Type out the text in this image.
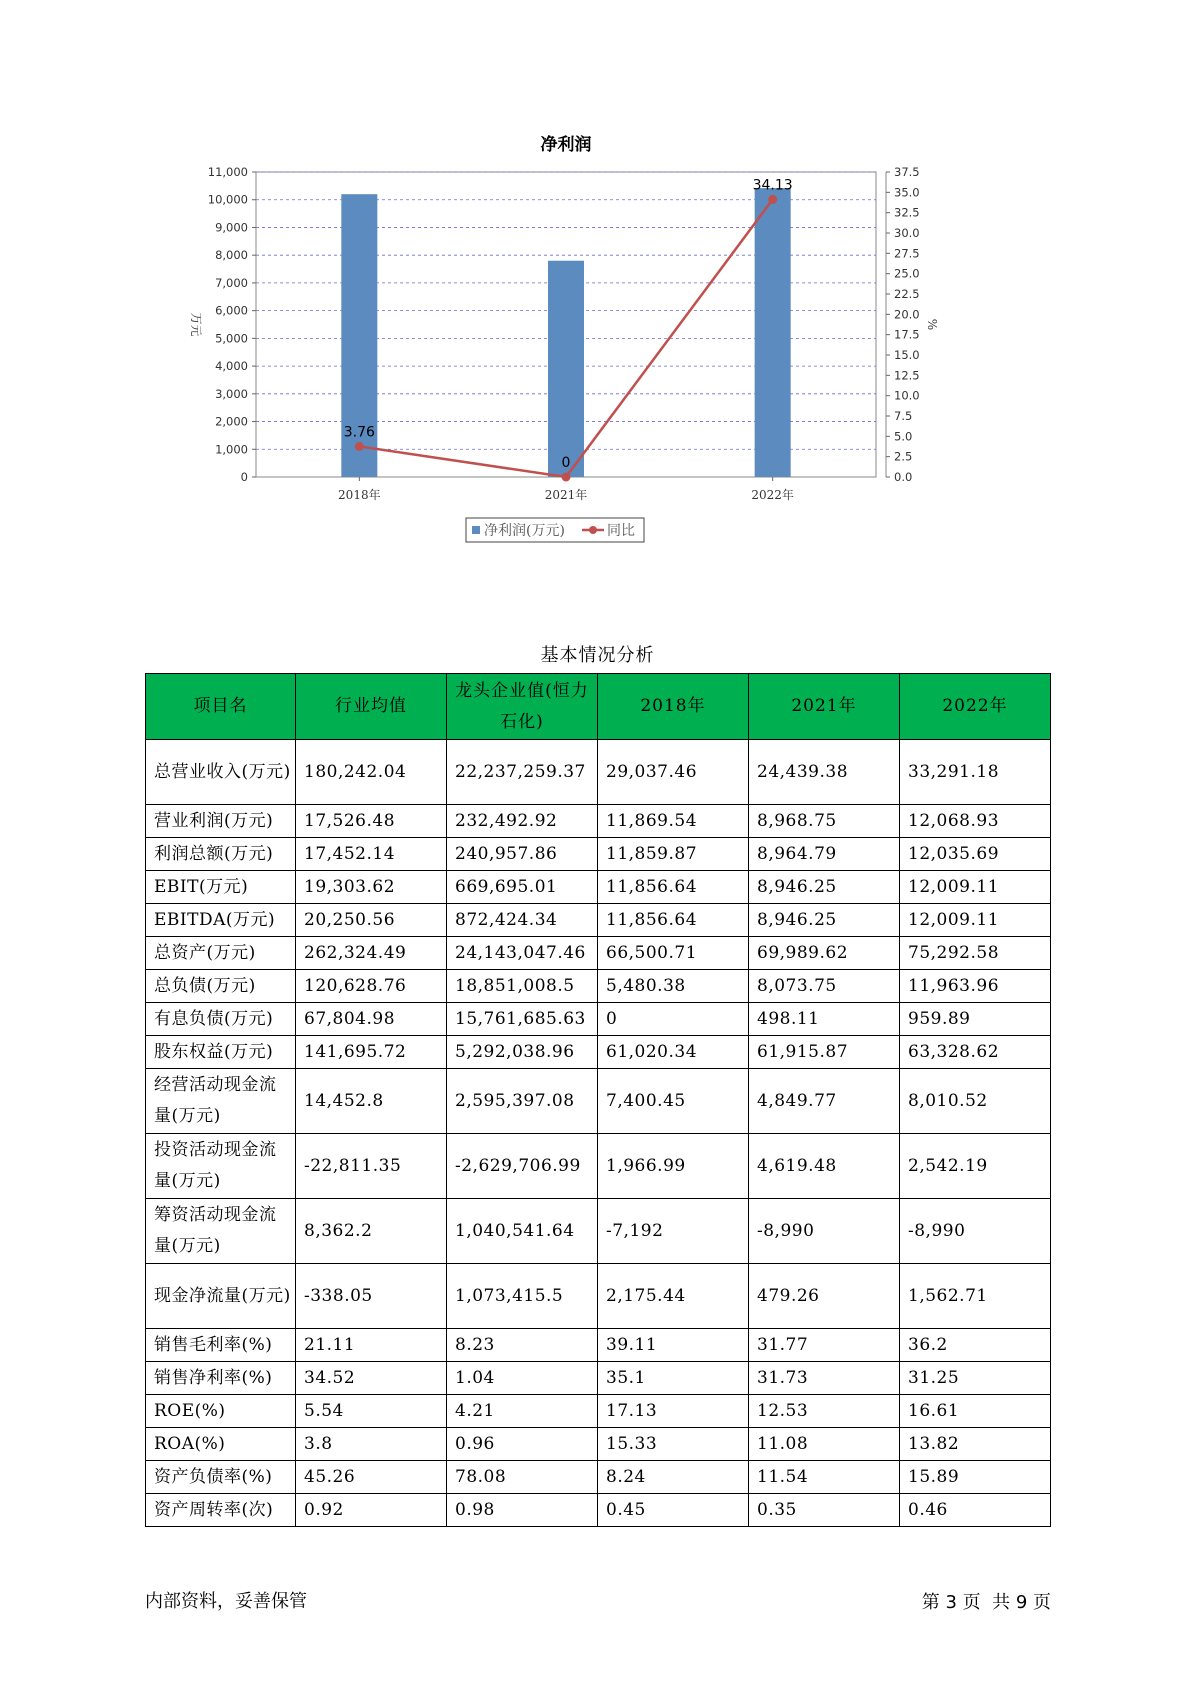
净利润
0
1,000
2,000
3,000
4,000
5,000
6,000
7,000
8,000
9,000
10,000
11,000
0.0
2.5
5.0
7.5
10.0
12.5
15.0
17.5
20.0
22.5
25.0
27.5
30.0
32.5
35.0
37.5
万元	%
2018年	2021年	2022年
3.76
0
34.13
净利润(万元)	同比
基本情况分析
项目名	行业均值	龙头企业值(恒力石化)	2018年	2021年	2022年
总营业收入(万元)	180,242.04	22,237,259.37	29,037.46	24,439.38	33,291.18
营业利润(万元)	17,526.48	232,492.92	11,869.54	8,968.75	12,068.93
利润总额(万元)	17,452.14	240,957.86	11,859.87	8,964.79	12,035.69
EBIT(万元)	19,303.62	669,695.01	11,856.64	8,946.25	12,009.11
EBITDA(万元)	20,250.56	872,424.34	11,856.64	8,946.25	12,009.11
总资产(万元)	262,324.49	24,143,047.46	66,500.71	69,989.62	75,292.58
总负债(万元)	120,628.76	18,851,008.5	5,480.38	8,073.75	11,963.96
有息负债(万元)	67,804.98	15,761,685.63	0	498.11	959.89
股东权益(万元)	141,695.72	5,292,038.96	61,020.34	61,915.87	63,328.62
经营活动现金流量(万元)	14,452.8	2,595,397.08	7,400.45	4,849.77	8,010.52
投资活动现金流量(万元)	-22,811.35	-2,629,706.99	1,966.99	4,619.48	2,542.19
筹资活动现金流量(万元)	8,362.2	1,040,541.64	-7,192	-8,990	-8,990
现金净流量(万元)	-338.05	1,073,415.5	2,175.44	479.26	1,562.71
销售毛利率(%)	21.11	8.23	39.11	31.77	36.2
销售净利率(%)	34.52	1.04	35.1	31.73	31.25
ROE(%)	5.54	4.21	17.13	12.53	16.61
ROA(%)	3.8	0.96	15.33	11.08	13.82
资产负债率(%)	45.26	78.08	8.24	11.54	15.89
资产周转率(次)	0.92	0.98	0.45	0.35	0.46
内部资料，妥善保管	第 3 页  共 9 页
